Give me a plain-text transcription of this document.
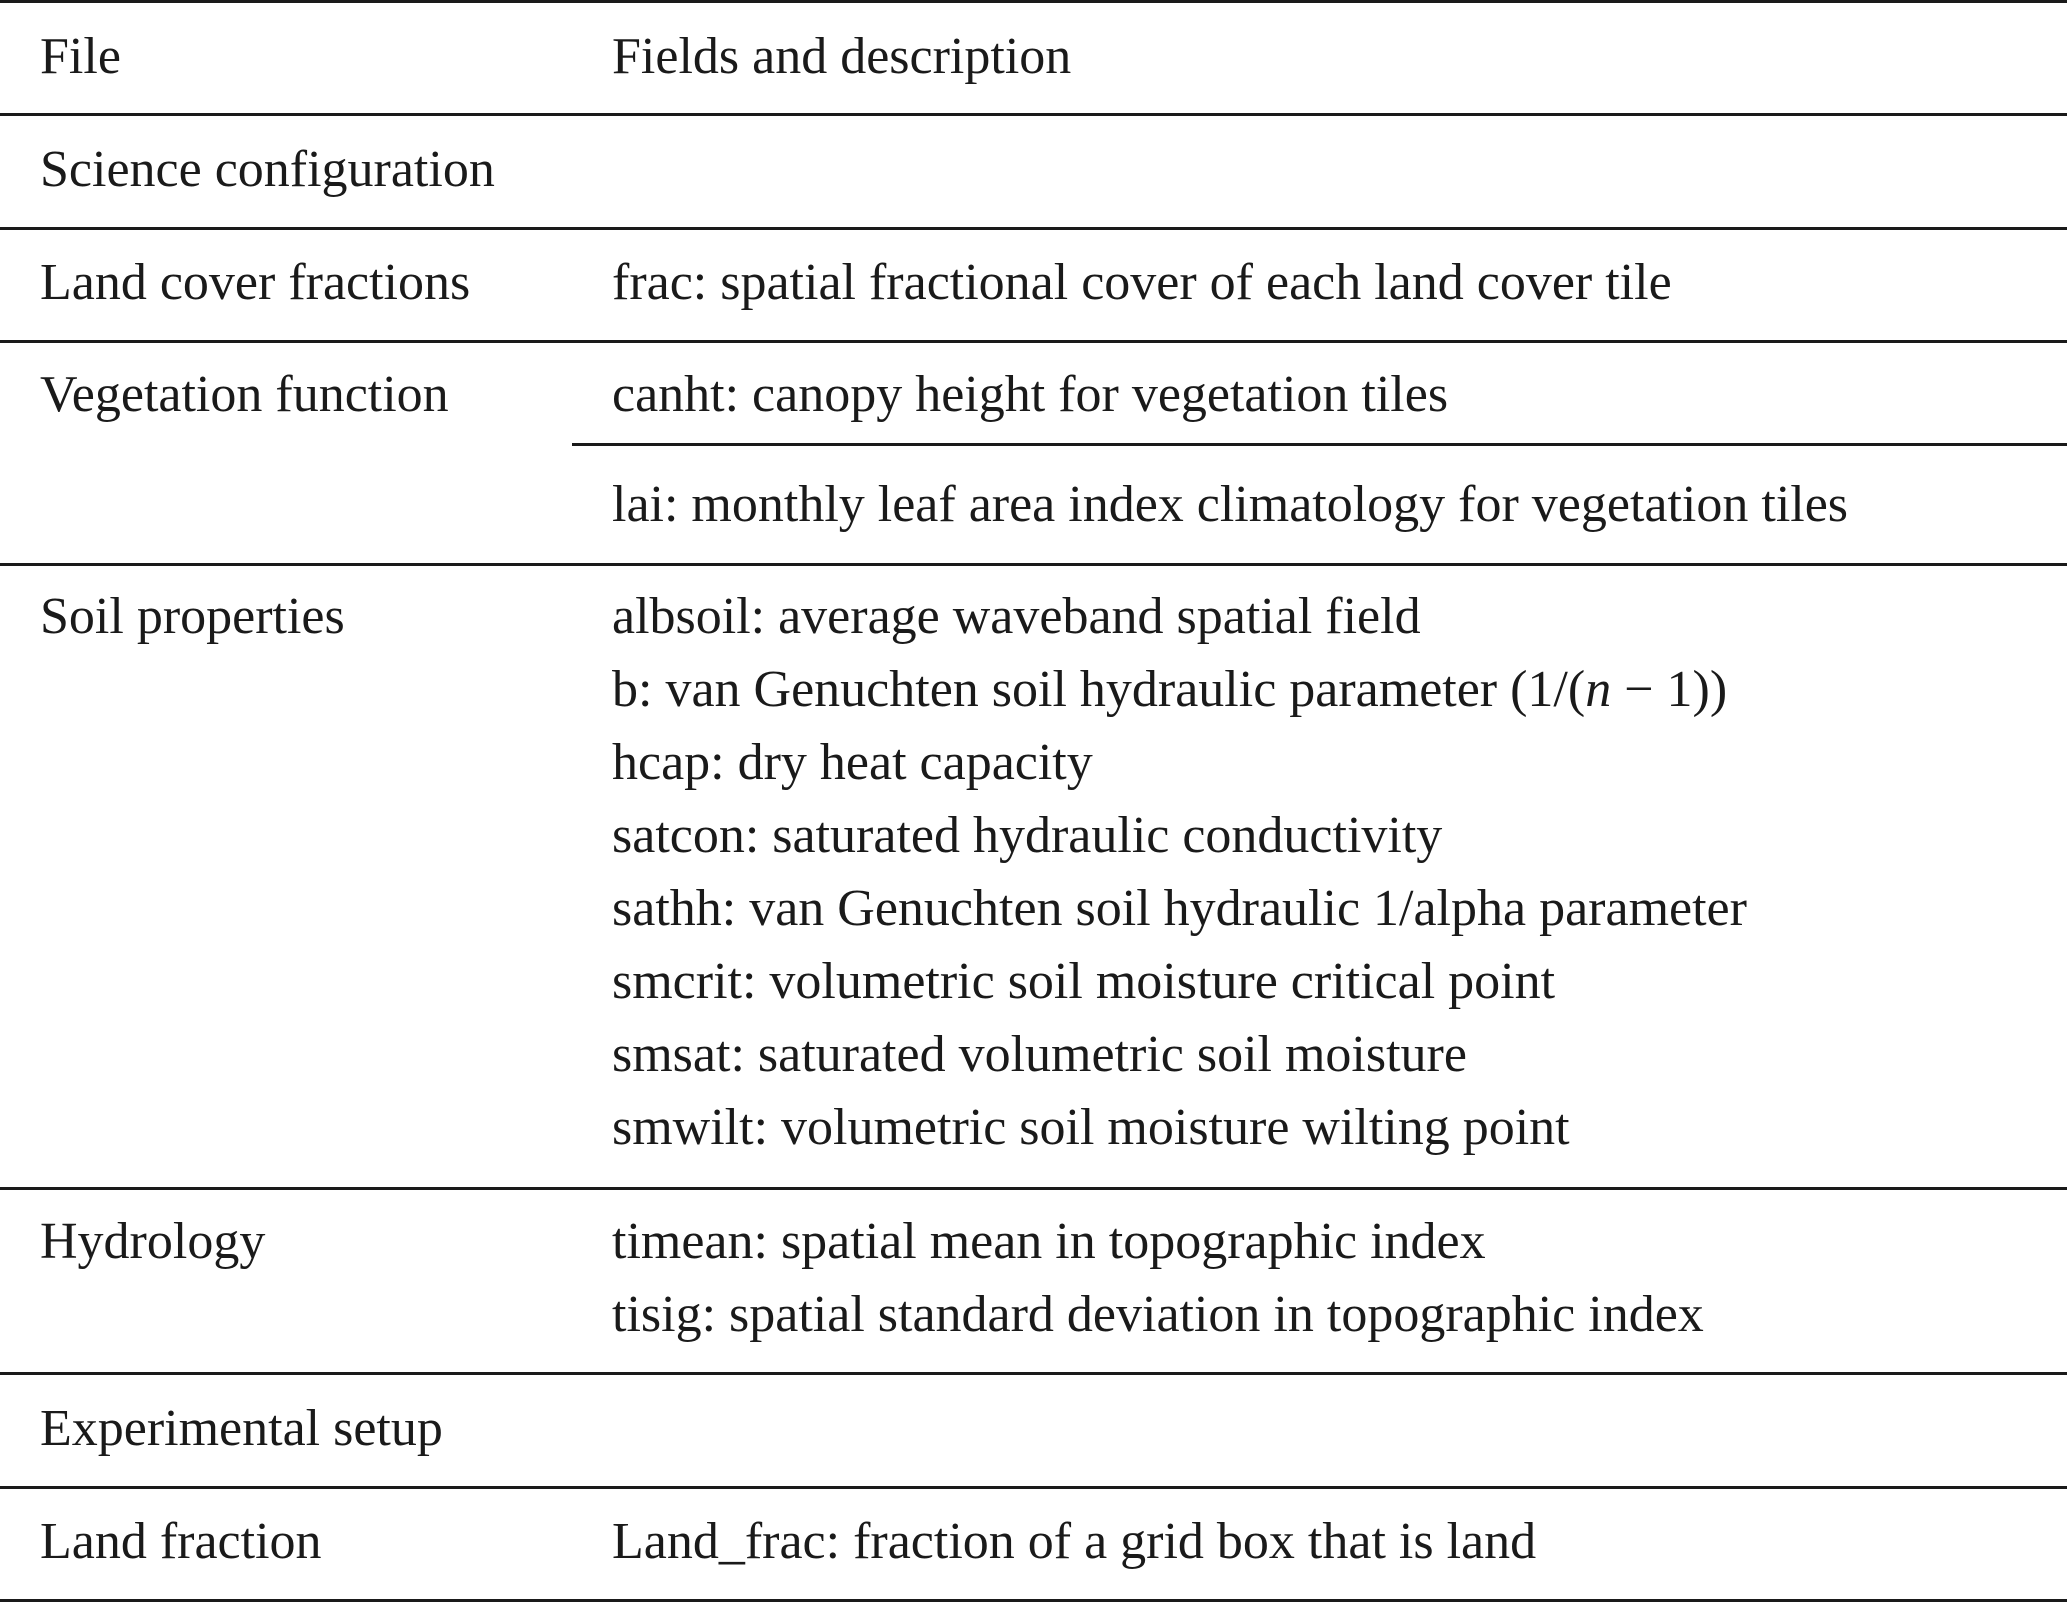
File	Fields and description
Science configuration
Land cover fractions	frac: spatial fractional cover of each land cover tile
Vegetation function	canht: canopy height for vegetation tiles
lai: monthly leaf area index climatology for vegetation tiles
Soil properties	albsoil: average waveband spatial field
b: van Genuchten soil hydraulic parameter (1/(n − 1))
hcap: dry heat capacity
satcon: saturated hydraulic conductivity
sathh: van Genuchten soil hydraulic 1/alpha parameter
smcrit: volumetric soil moisture critical point
smsat: saturated volumetric soil moisture
smwilt: volumetric soil moisture wilting point
Hydrology	timean: spatial mean in topographic index
tisig: spatial standard deviation in topographic index
Experimental setup
Land fraction	Land_frac: fraction of a grid box that is land
